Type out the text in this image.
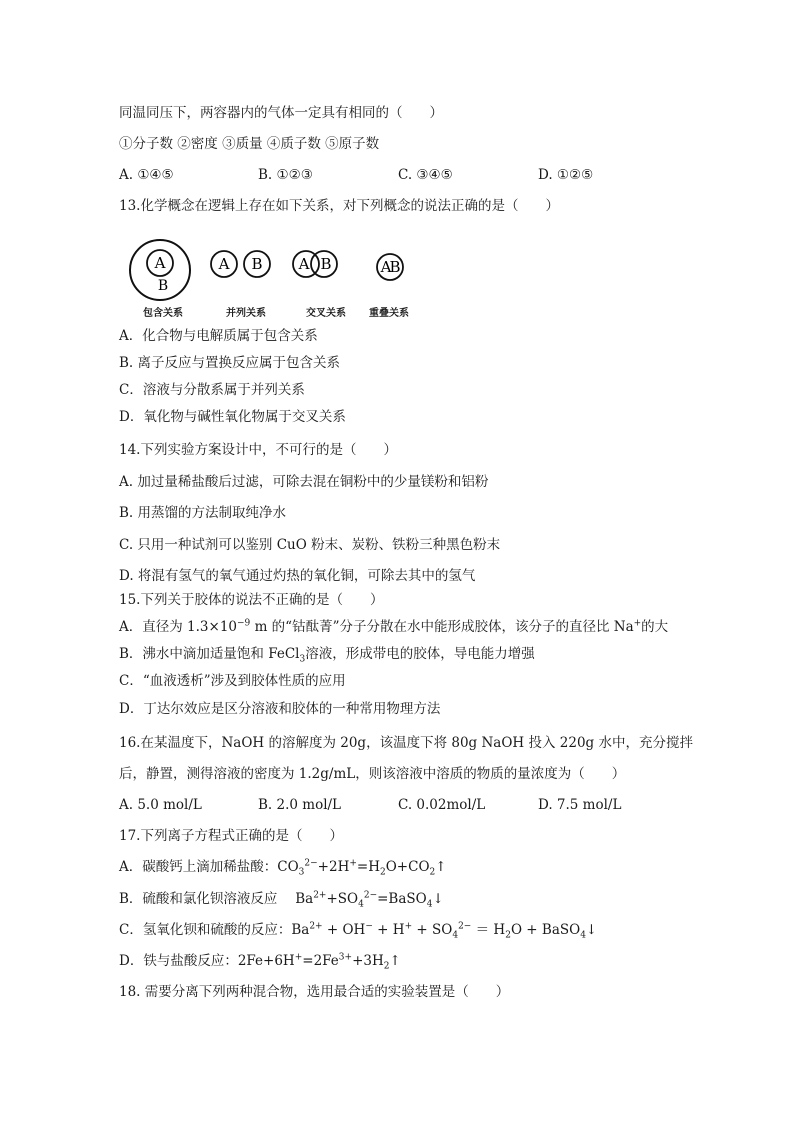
同温同压下，两容器内的气体一定具有相同的（　　）
①分子数 ②密度 ③质量 ④质子数 ⑤原子数
A. ①④⑤	B. ①②③	C. ③④⑤	D. ①②⑤
13.化学概念在逻辑上存在如下关系，对下列概念的说法正确的是（　　）
A
B
A B A B	A
B
包含关系	并列关系	交叉关系 重叠关系
A．化合物与电解质属于包含关系
B. 离子反应与置换反应属于包含关系
C．溶液与分散系属于并列关系
D．氧化物与碱性氧化物属于交叉关系
14.下列实验方案设计中，不可行的是（　　）
A. 加过量稀盐酸后过滤，可除去混在铜粉中的少量镁粉和铝粉
B. 用蒸馏的方法制取纯净水
C. 只用一种试剂可以鉴别 CuO 粉末、炭粉、铁粉三种黑色粉末
D. 将混有氢气的氧气通过灼热的氧化铜，可除去其中的氢气
15.下列关于胶体的说法不正确的是（　　）
A．直径为 $1.3\times 10^{-9}$ m 的“钴酞菁”分子分散在水中能形成胶体，该分子的直径比 Na+的大
B．沸水中滴加适量饱和 FeCl$_3$溶液，形成带电的胶体，导电能力增强
C．“血液透析”涉及到胶体性质的应用
D．丁达尔效应是区分溶液和胶体的一种常用物理方法
16.在某温度下，NaOH 的溶解度为 20g，该温度下将 80g NaOH 投入 220g 水中，充分搅拌
后，静置，测得溶液的密度为 1.2g/mL，则该溶液中溶质的物质的量浓度为（　　）
A. 5.0 mol/L	B. 2.0 mol/L	C. 0.02mol/L	D. 7.5 mol/L
17.下列离子方程式正确的是（　　）
A．碳酸钙上滴加稀盐酸：$CO_3^{2-}+2H^+=H_2O+CO_2↑$
B．硫酸和氯化钡溶液反应　 $Ba^{2+}+SO_4^{2-}=BaSO_4↓$
C．氢氧化钡和硫酸的反应：$Ba^{2+} + OH^- + H^+ + SO_4^{2-} = H_2O$ + BaSO$_4$↓
D．铁与盐酸反应：$2Fe+6H^+=2Fe^{3+}+3H_2↑$
18. 需要分离下列两种混合物，选用最合适的实验装置是（　　）
